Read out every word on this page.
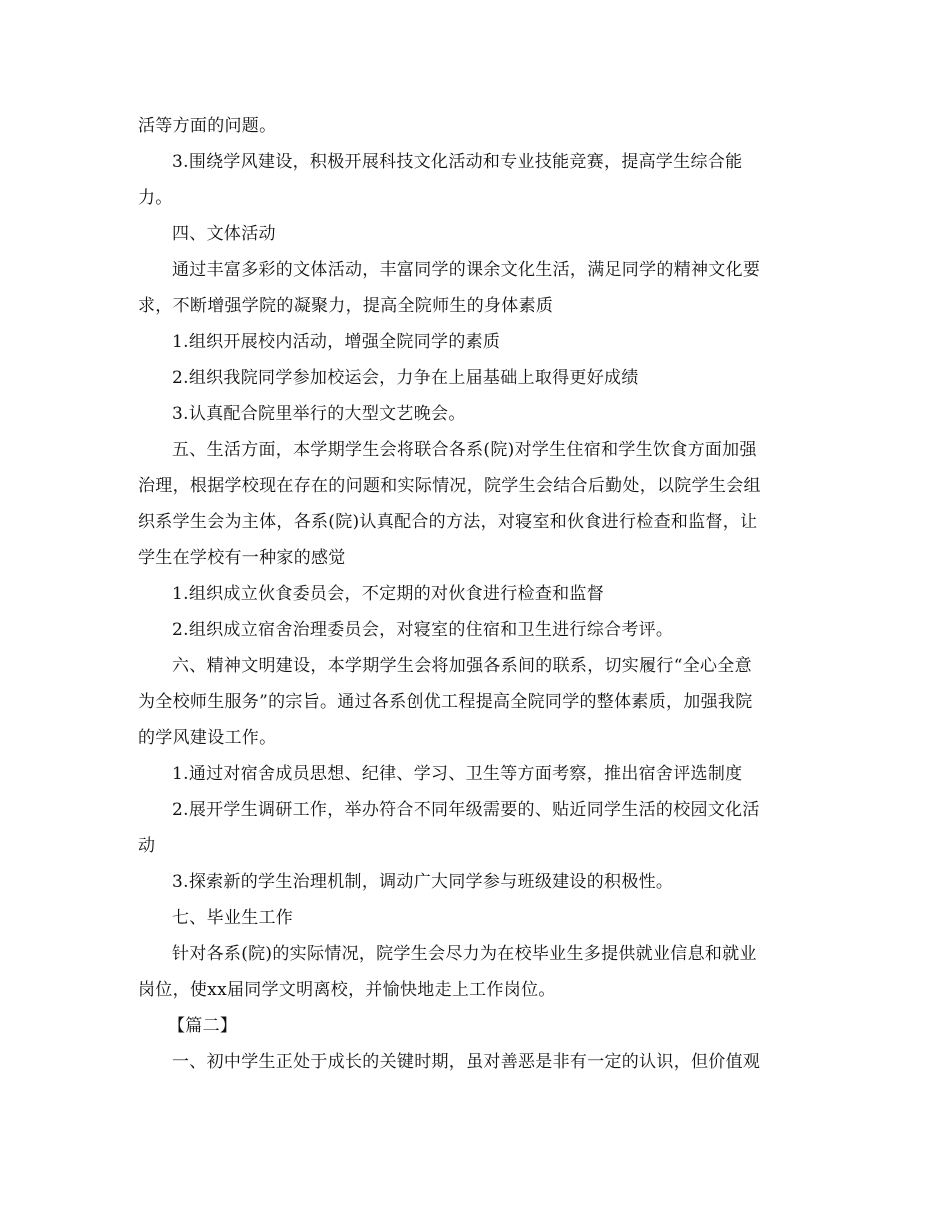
活等方面的问题。
3.围绕学风建设，积极开展科技文化活动和专业技能竞赛，提高学生综合能
力。
四、文体活动
通过丰富多彩的文体活动，丰富同学的课余文化生活，满足同学的精神文化要
求，不断增强学院的凝聚力，提高全院师生的身体素质
1.组织开展校内活动，增强全院同学的素质
2.组织我院同学参加校运会，力争在上届基础上取得更好成绩
3.认真配合院里举行的大型文艺晚会。
五、生活方面，本学期学生会将联合各系(院)对学生住宿和学生饮食方面加强
治理，根据学校现在存在的问题和实际情况，院学生会结合后勤处，以院学生会组
织系学生会为主体，各系(院)认真配合的方法，对寝室和伙食进行检查和监督，让
学生在学校有一种家的感觉
1.组织成立伙食委员会，不定期的对伙食进行检查和监督
2.组织成立宿舍治理委员会，对寝室的住宿和卫生进行综合考评。
六、精神文明建设，本学期学生会将加强各系间的联系，切实履行“全心全意
为全校师生服务”的宗旨。通过各系创优工程提高全院同学的整体素质，加强我院
的学风建设工作。
1.通过对宿舍成员思想、纪律、学习、卫生等方面考察，推出宿舍评选制度
2.展开学生调研工作，举办符合不同年级需要的、贴近同学生活的校园文化活
动
3.探索新的学生治理机制，调动广大同学参与班级建设的积极性。
七、毕业生工作
针对各系(院)的实际情况，院学生会尽力为在校毕业生多提供就业信息和就业
岗位，使xx届同学文明离校，并愉快地走上工作岗位。
【篇二】
一、初中学生正处于成长的关键时期，虽对善恶是非有一定的认识，但价值观
